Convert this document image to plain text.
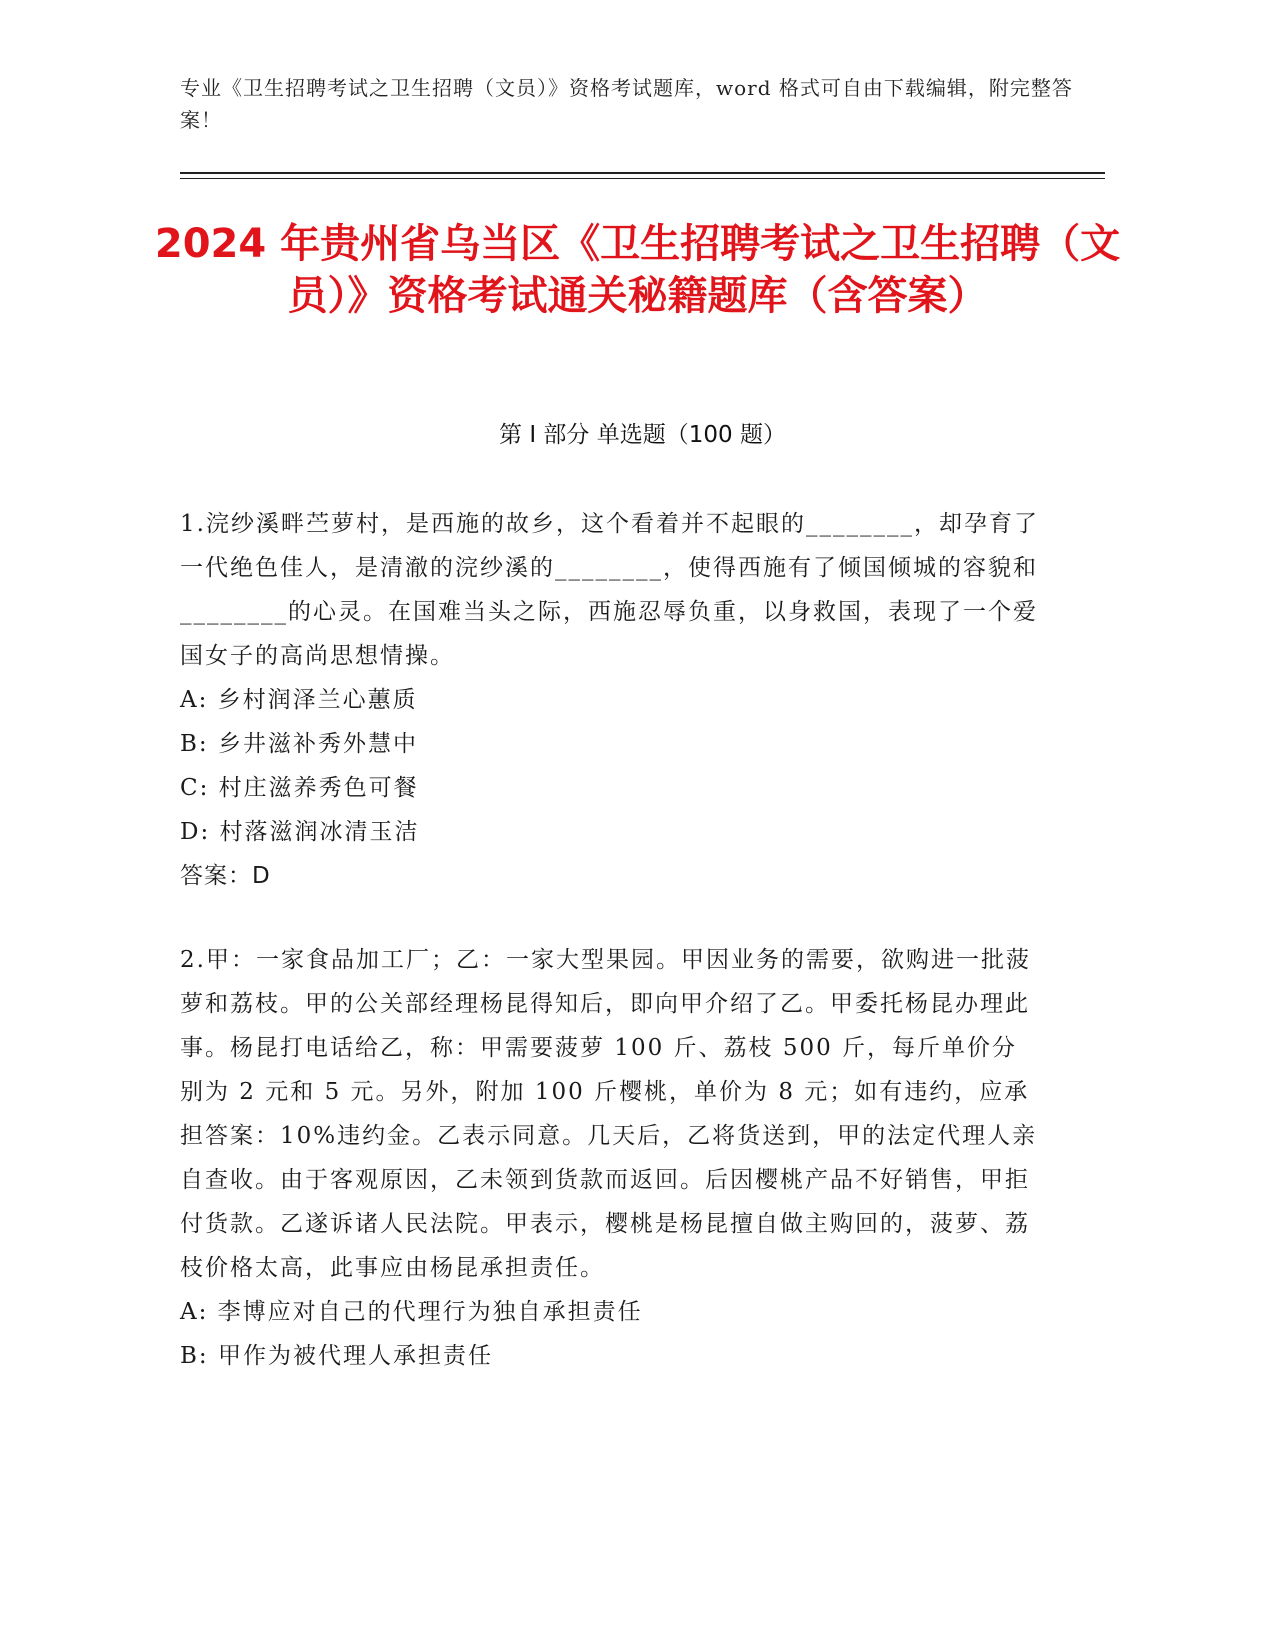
专业《卫生招聘考试之卫生招聘（文员）》资格考试题库，word 格式可自由下载编辑，附完整答案！
2024 年贵州省乌当区《卫生招聘考试之卫生招聘（文员）》资格考试通关秘籍题库（含答案）
第 I 部分 单选题（100 题）

1.浣纱溪畔苎萝村，是西施的故乡，这个看着并不起眼的________，却孕育了一代绝色佳人，是清澈的浣纱溪的________，使得西施有了倾国倾城的容貌和________的心灵。在国难当头之际，西施忍辱负重，以身救国，表现了一个爱国女子的高尚思想情操。

A: 乡村润泽兰心蕙质

B: 乡井滋补秀外慧中

C: 村庄滋养秀色可餐

D: 村落滋润冰清玉洁

答案：D

2.甲：一家食品加工厂；乙：一家大型果园。甲因业务的需要，欲购进一批菠萝和荔枝。甲的公关部经理杨昆得知后，即向甲介绍了乙。甲委托杨昆办理此事。杨昆打电话给乙，称：甲需要菠萝 100 斤、荔枝 500 斤，每斤单价分别为 2 元和 5 元。另外，附加 100 斤樱桃，单价为 8 元；如有违约，应承担答案：10%违约金。乙表示同意。几天后，乙将货送到，甲的法定代理人亲自查收。由于客观原因，乙未领到货款而返回。后因樱桃产品不好销售，甲拒付货款。乙遂诉诸人民法院。甲表示，樱桃是杨昆擅自做主购回的，菠萝、荔枝价格太高，此事应由杨昆承担责任。

A: 李博应对自己的代理行为独自承担责任

B: 甲作为被代理人承担责任
